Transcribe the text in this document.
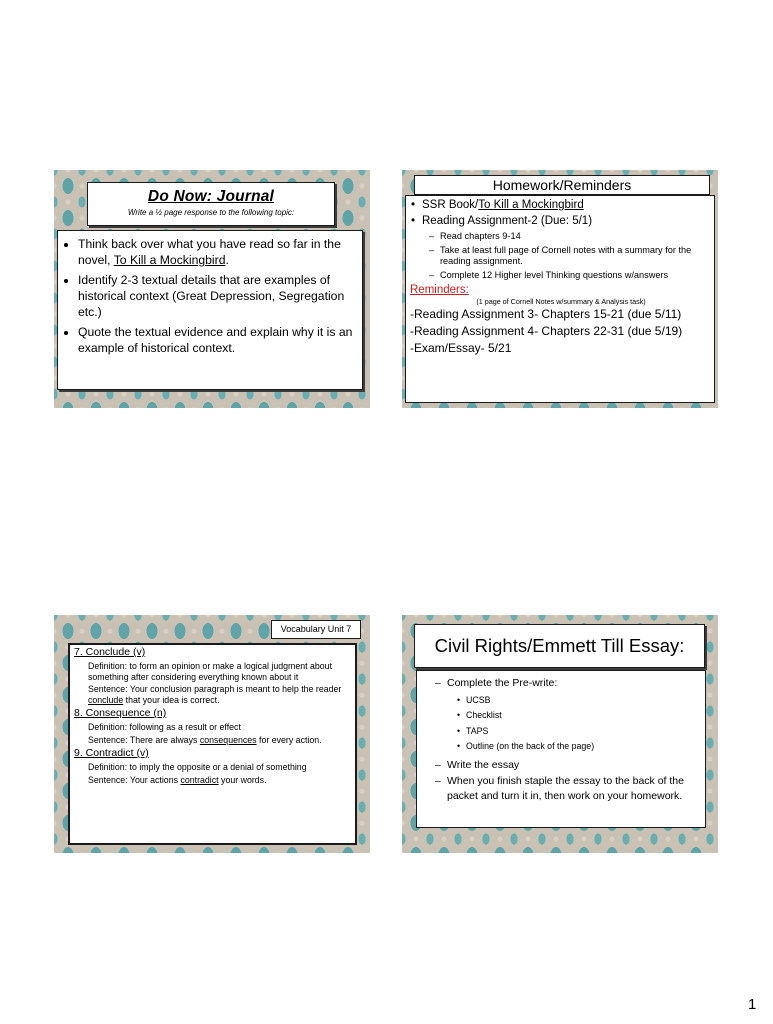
Do Now: Journal
Write a ½ page response to the following topic:
• Think back over what you have read so far in the novel, To Kill a Mockingbird.
• Identify 2-3 textual details that are examples of historical context (Great Depression, Segregation etc.)
• Quote the textual evidence and explain why it is an example of historical context.
Homework/Reminders
• SSR Book/To Kill a Mockingbird
• Reading Assignment-2 (Due: 5/1)
– Read chapters 9-14
– Take at least full page of Cornell notes with a summary for the reading assignment.
– Complete 12 Higher level Thinking questions w/answers
Reminders:
(1 page of Cornell Notes w/summary & Analysis task)
-Reading Assignment 3- Chapters 15-21 (due 5/11)
-Reading Assignment 4- Chapters 22-31 (due 5/19)
-Exam/Essay- 5/21
Vocabulary Unit 7
7. Conclude (v)
Definition: to form an opinion or make a logical judgment about something after considering everything known about it
Sentence: Your conclusion paragraph is meant to help the reader conclude that your idea is correct.
8. Consequence (n)
Definition: following as a result or effect
Sentence: There are always consequences for every action.
9. Contradict (v)
Definition: to imply the opposite or a denial of something
Sentence: Your actions contradict your words.
Civil Rights/Emmett Till Essay:
– Complete the Pre-write:
• UCSB
• Checklist
• TAPS
• Outline (on the back of the page)
– Write the essay
– When you finish staple the essay to the back of the packet and turn it in, then work on your homework.
1
